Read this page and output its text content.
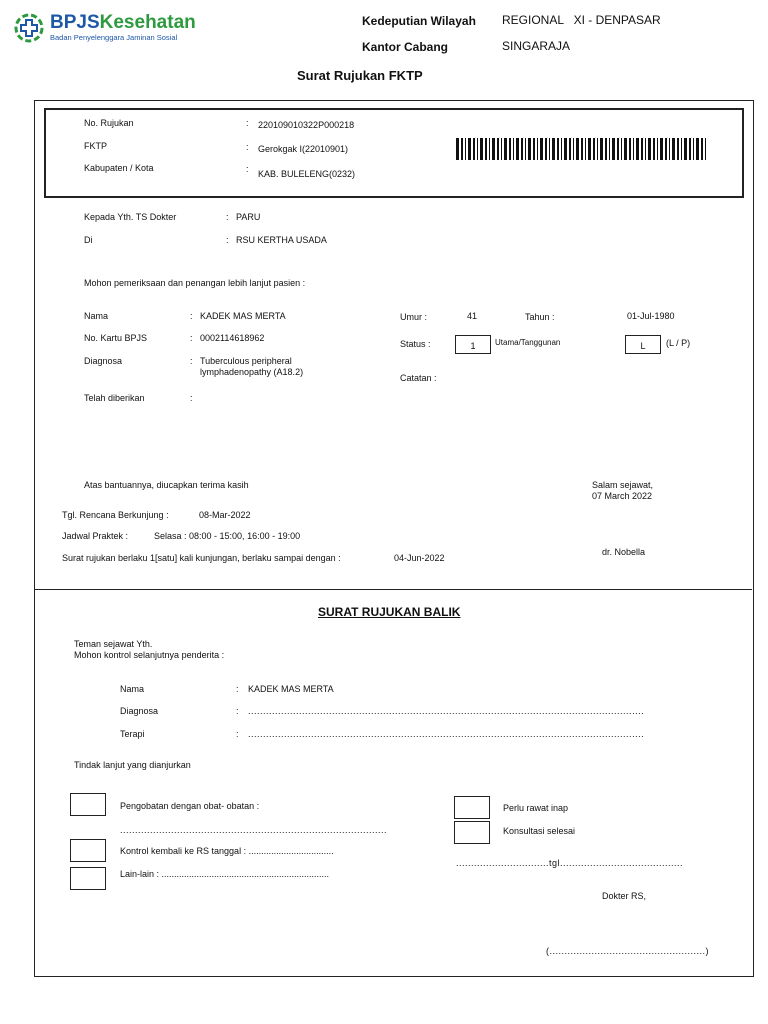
BPJSKesehatan
Badan Penyelenggara Jaminan Sosial
Kedeputian Wilayah REGIONAL   XI - DENPASAR
Kantor Cabang	SINGARAJA
Surat Rujukan FKTP
No. Rujukan	: 220109010322P000218
FKTP	: Gerokgak I(22010901)
Kabupaten / Kota	: KAB. BULELENG(0232)
Kepada Yth. TS Dokter	: PARU
Di	: RSU KERTHA USADA
Mohon pemeriksaan dan penangan lebih lanjut pasien :
Nama	: KADEK MAS MERTA
No. Kartu BPJS	: 0002114618962
Diagnosa	: Tuberculous peripheral
lymphadenopathy (A18.2)
Telah diberikan	:
Umur :	41	Tahun :	01-Jul-1980
Status :	1	Utama/Tanggunan	L	(L / P)
Catatan :
Atas bantuannya, diucapkan terima kasih	Salam sejawat,
07 March 2022
Tgl. Rencana Berkunjung :	08-Mar-2022
Jadwal Praktek :	Selasa : 08:00 - 15:00, 16:00 - 19:00
Surat rujukan berlaku 1[satu] kali kunjungan, berlaku sampai dengan :	04-Jun-2022
dr. Nobella
SURAT RUJUKAN BALIK
Teman sejawat Yth.
Mohon kontrol selanjutnya penderita :
Nama	: KADEK MAS MERTA
Diagnosa	: ....................................................................................................................................
Terapi	: ....................................................................................................................................
Tindak lanjut yang dianjurkan
Pengobatan dengan obat- obatan :
.........................................................................................
Kontrol kembali ke RS tanggal : ..................................
Lain-lain : ...................................................................
Perlu rawat inap
Konsultasi selesai
...............................tgl.........................................
Dokter RS,
(....................................................)
